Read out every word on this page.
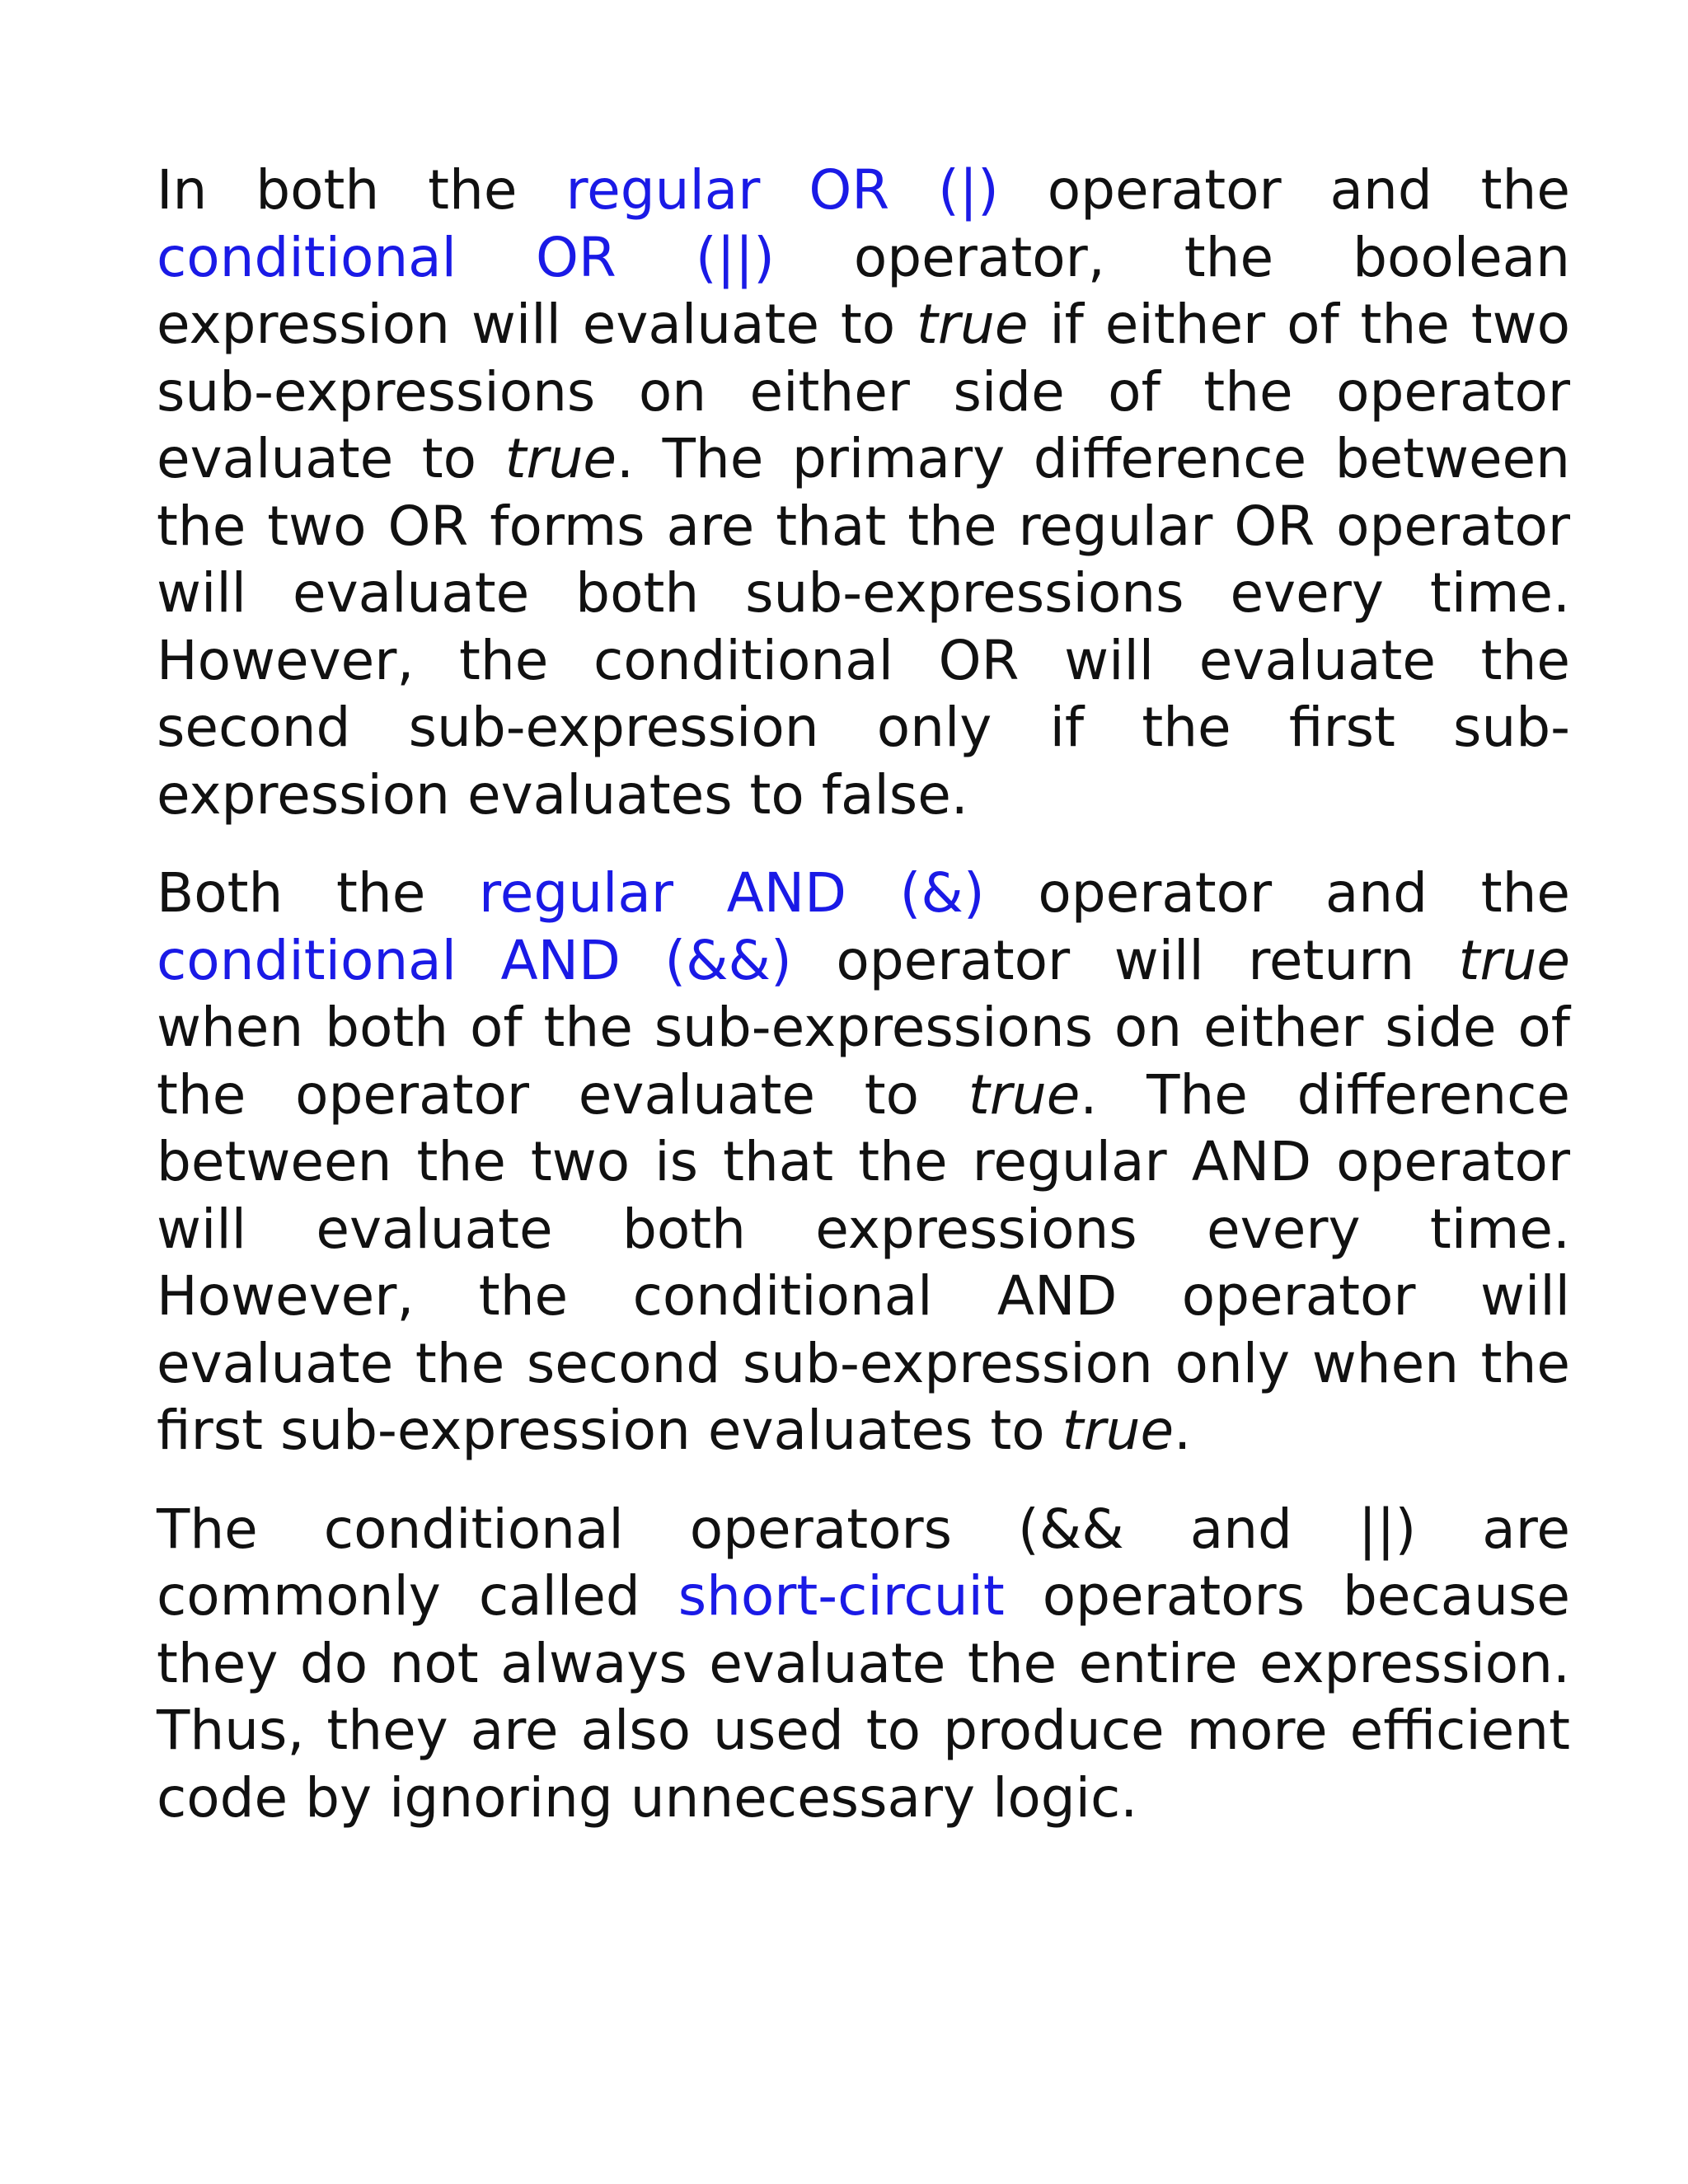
In both the regular OR (|) operator and the conditional OR (||) operator, the boolean expression will evaluate to true if either of the two sub-expressions on either side of the operator evaluate to true. The primary difference between the two OR forms are that the regular OR operator will evaluate both sub-expressions every time. However, the conditional OR will evaluate the second sub-expression only if the first sub-expression evaluates to false.

Both the regular AND (&) operator and the conditional AND (&&) operator will return true when both of the sub-expressions on either side of the operator evaluate to true. The difference between the two is that the regular AND operator will evaluate both expressions every time. However, the conditional AND operator will evaluate the second sub-expression only when the first sub-expression evaluates to true.

The conditional operators (&& and ||) are commonly called short-circuit operators because they do not always evaluate the entire expression. Thus, they are also used to produce more efficient code by ignoring unnecessary logic.
